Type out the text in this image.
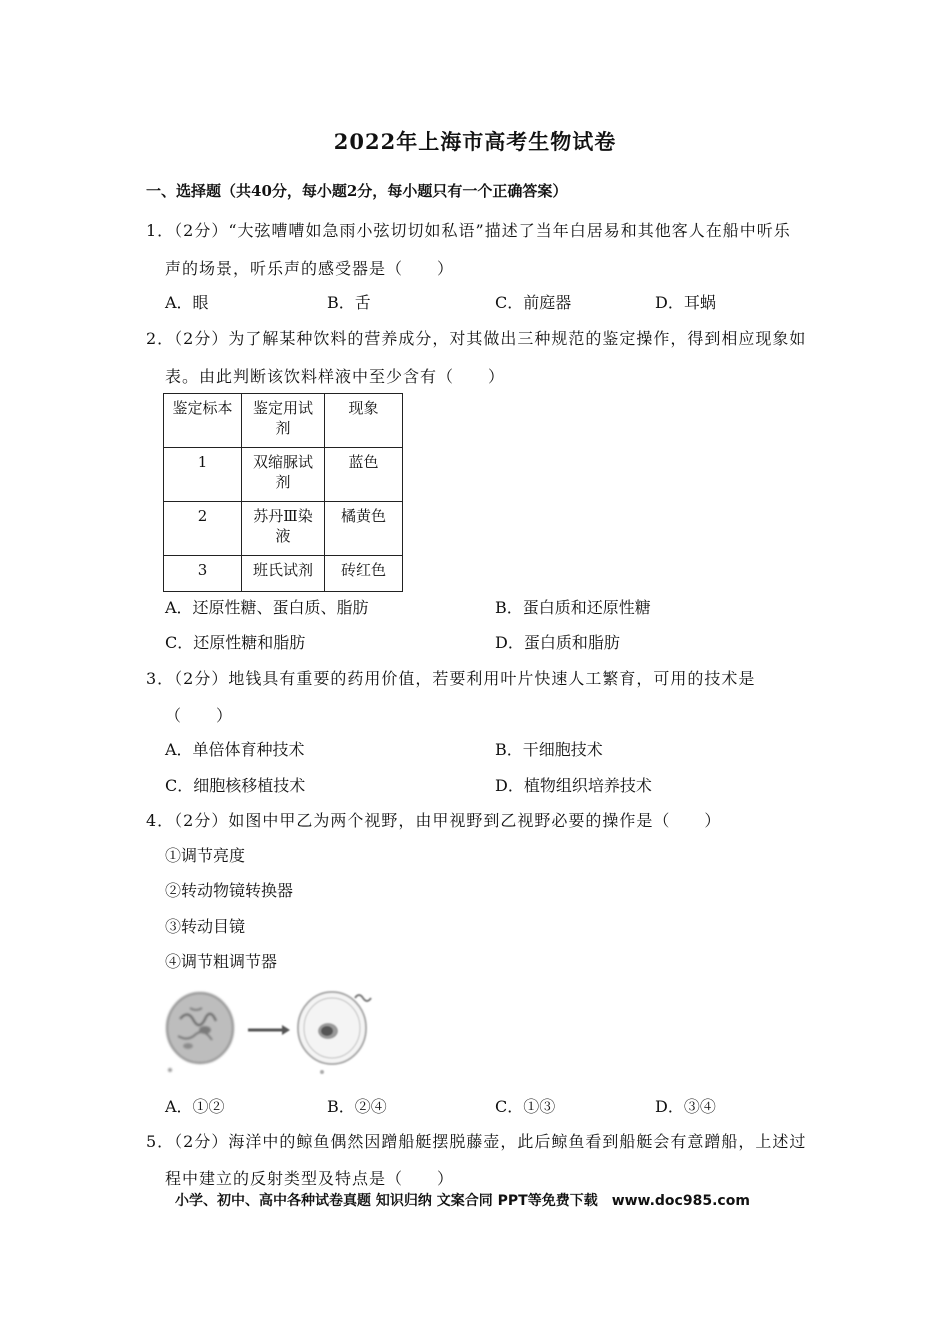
2022年上海市高考生物试卷
一、选择题（共40分，每小题2分，每小题只有一个正确答案）
1．（2分）“大弦嘈嘈如急雨小弦切切如私语”描述了当年白居易和其他客人在船中听乐
声的场景，听乐声的感受器是（　　）
A．眼	B．舌	C．前庭器	D．耳蜗
2．（2分）为了解某种饮料的营养成分，对其做出三种规范的鉴定操作，得到相应现象如
表。由此判断该饮料样液中至少含有（　　）
鉴定标本	鉴定用试剂	现象
1	双缩脲试剂	蓝色
2	苏丹Ⅲ染液	橘黄色
3	班氏试剂	砖红色
A．还原性糖、蛋白质、脂肪	B．蛋白质和还原性糖
C．还原性糖和脂肪	D．蛋白质和脂肪
3．（2分）地钱具有重要的药用价值，若要利用叶片快速人工繁育，可用的技术是
（　　）
A．单倍体育种技术	B．干细胞技术
C．细胞核移植技术	D．植物组织培养技术
4．（2分）如图中甲乙为两个视野，由甲视野到乙视野必要的操作是（　　）
①调节亮度
②转动物镜转换器
③转动目镜
④调节粗调节器
A．①②	B．②④	C．①③	D．③④
5．（2分）海洋中的鲸鱼偶然因蹭船艇摆脱藤壶，此后鲸鱼看到船艇会有意蹭船，上述过
程中建立的反射类型及特点是（　　）
小学、初中、高中各种试卷真题 知识归纳 文案合同 PPT等免费下载　www.doc985.com
